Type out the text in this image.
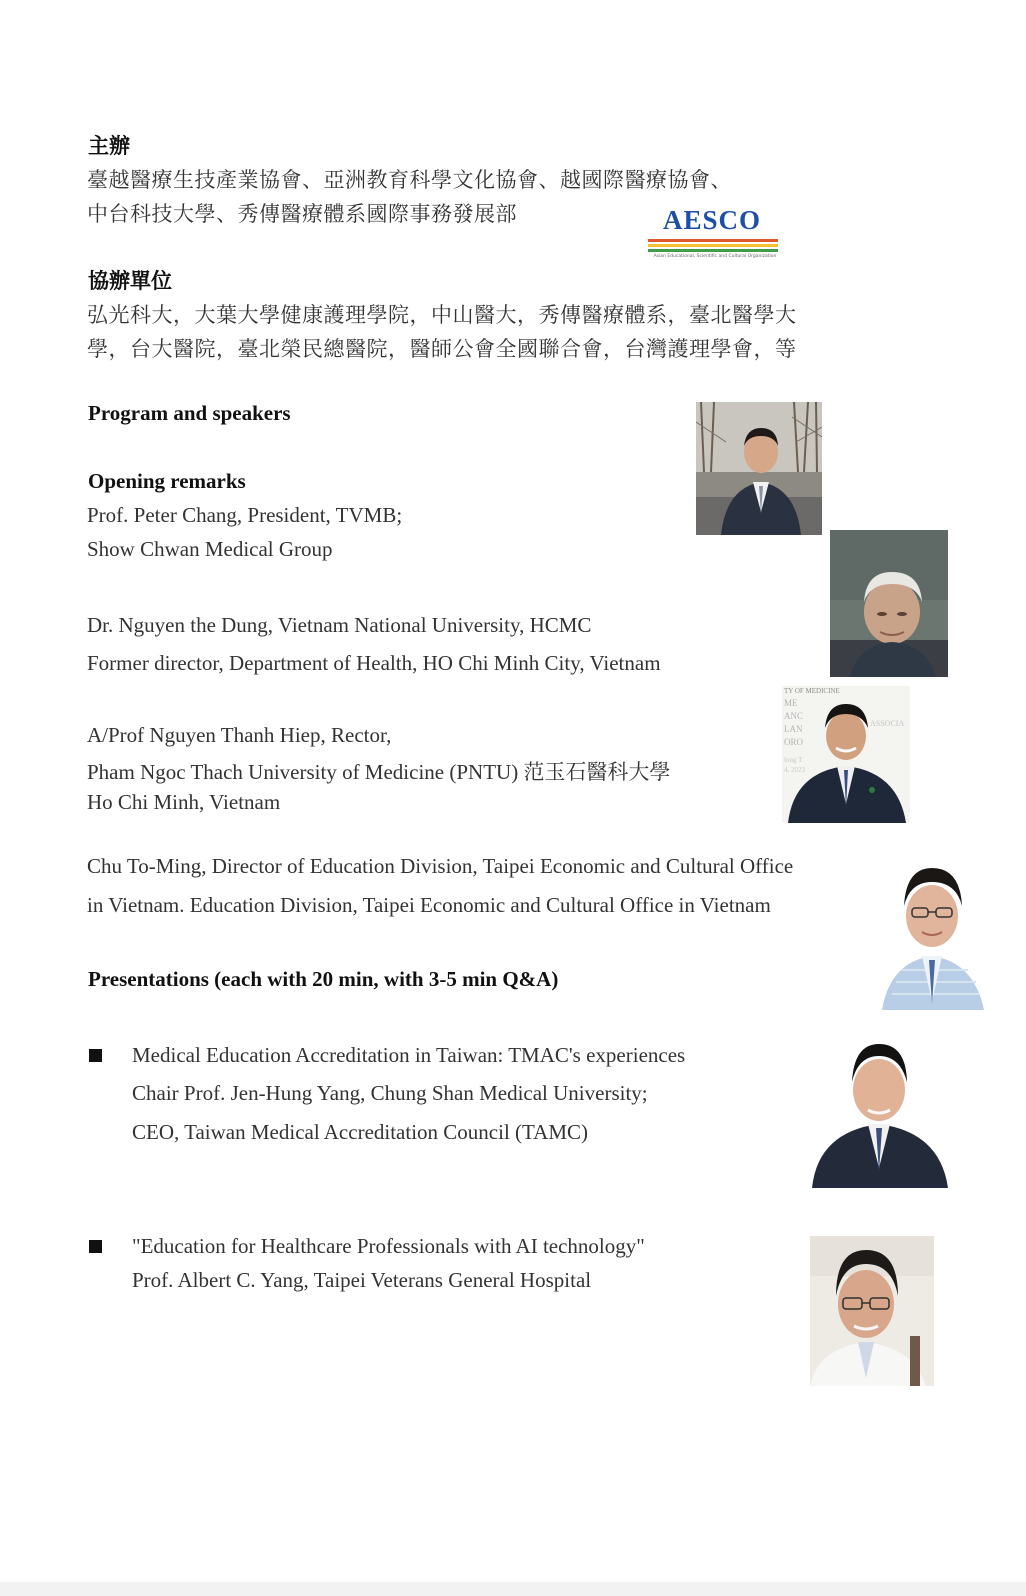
主辦
臺越醫療生技產業協會、亞洲教育科學文化協會、越國際醫療協會、
中台科技大學、秀傳醫療體系國際事務發展部	AESCO
Asian Educational, Scientific and Cultural Organization
協辦單位
弘光科大，大葉大學健康護理學院，中山醫大，秀傳醫療體系，臺北醫學大
學，台大醫院，臺北榮民總醫院，醫師公會全國聯合會，台灣護理學會，等
Program and speakers
Opening remarks
Prof. Peter Chang, President, TVMB;
Show Chwan Medical Group
Dr. Nguyen the Dung, Vietnam National University, HCMC
Former director, Department of Health, HO Chi Minh City, Vietnam
A/Prof Nguyen Thanh Hiep, Rector,
Pham Ngoc Thach University of Medicine (PNTU) 范玉石醫科大學
Ho Chi Minh, Vietnam
Chu To-Ming, Director of Education Division, Taipei Economic and Cultural Office
in Vietnam. Education Division, Taipei Economic and Cultural Office in Vietnam
Presentations (each with 20 min, with 3-5 min Q&A)
Medical Education Accreditation in Taiwan: TMAC's experiences
Chair Prof. Jen-Hung Yang, Chung Shan Medical University;
CEO, Taiwan Medical Accreditation Council (TAMC)
"Education for Healthcare Professionals with AI technology"
Prof. Albert C. Yang, Taipei Veterans General Hospital
TY OF MEDICINE
ME
ANC
LAN
ORO
ASSOCIA
long T
4, 2023
